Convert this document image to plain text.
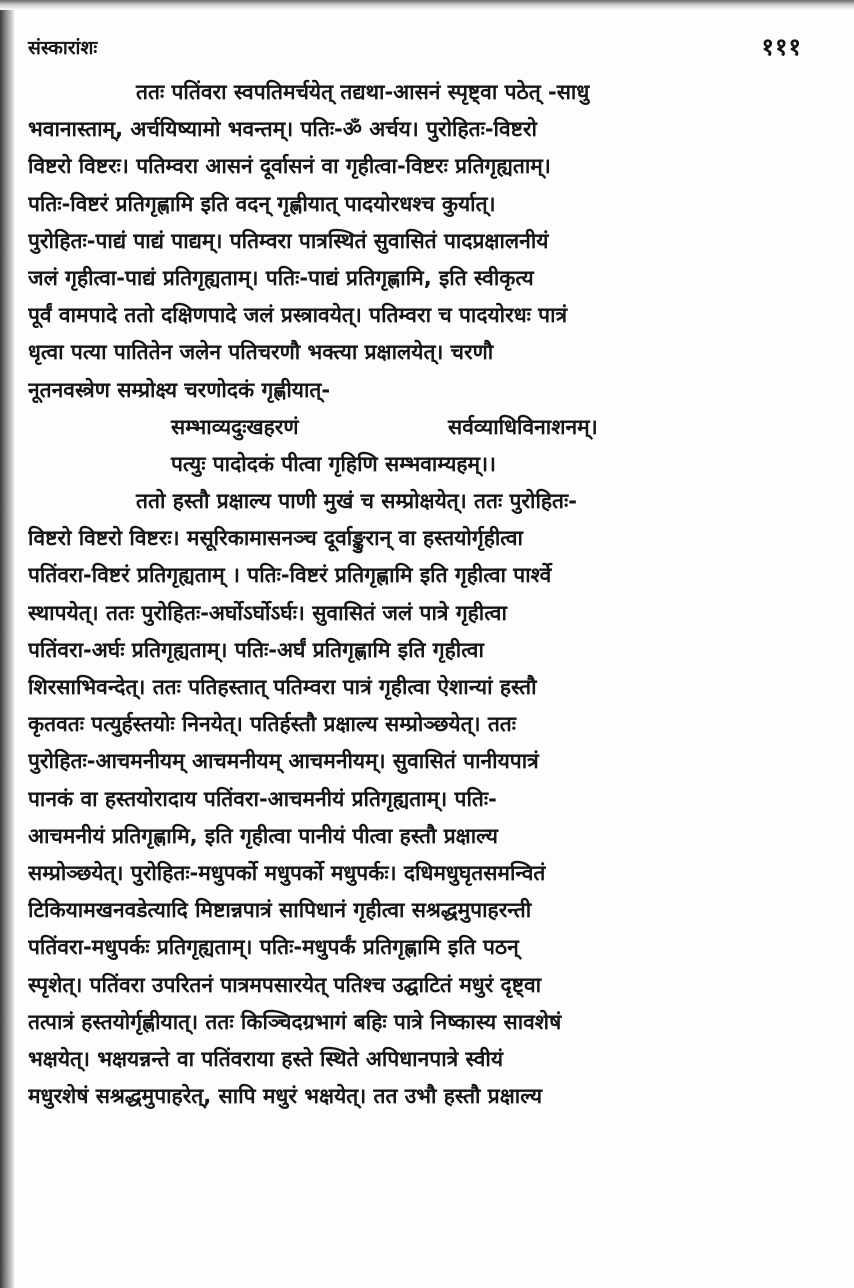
संस्कारांशः	१११
ततः पतिंवरा स्वपतिमर्चयेत् तद्यथा-आसनं स्पृष्ट्वा पठेत् -साधु
भवानास्ताम्, अर्चयिष्यामो भवन्तम्। पतिः-ॐ अर्चय। पुरोहितः-विष्टरो
विष्टरो विष्टरः। पतिम्वरा आसनं दूर्वासनं वा गृहीत्वा-विष्टरः प्रतिगृह्यताम्।
पतिः-विष्टरं प्रतिगृह्णामि इति वदन् गृह्णीयात् पादयोरधश्च कुर्यात्।
पुरोहितः-पाद्यं पाद्यं पाद्यम्। पतिम्वरा पात्रस्थितं सुवासितं पादप्रक्षालनीयं
जलं गृहीत्वा-पाद्यं प्रतिगृह्यताम्। पतिः-पाद्यं प्रतिगृह्णामि, इति स्वीकृत्य
पूर्वं वामपादे ततो दक्षिणपादे जलं प्रस्त्रावयेत्। पतिम्वरा च पादयोरधः पात्रं
धृत्वा पत्या पातितेन जलेन पतिचरणौ भक्त्या प्रक्षालयेत्। चरणौ
नूतनवस्त्रेण सम्प्रोक्ष्य चरणोदकं गृह्णीयात्-
सम्भाव्यदुःखहरणं	सर्वव्याधिविनाशनम्।
पत्युः पादोदकं पीत्वा गृहिणि सम्भवाम्यहम्।।
ततो हस्तौ प्रक्षाल्य पाणी मुखं च सम्प्रोक्षयेत्। ततः पुरोहितः-
विष्टरो विष्टरो विष्टरः। मसूरिकामासनञ्च दूर्वाङ्कुरान् वा हस्तयोर्गृहीत्वा
पतिंवरा-विष्टरं प्रतिगृह्यताम् । पतिः-विष्टरं प्रतिगृह्णामि इति गृहीत्वा पार्श्वे
स्थापयेत्। ततः पुरोहितः-अर्घोऽर्घोऽर्घः। सुवासितं जलं पात्रे गृहीत्वा
पतिंवरा-अर्घः प्रतिगृह्यताम्। पतिः-अर्घं प्रतिगृह्णामि इति गृहीत्वा
शिरसाभिवन्देत्। ततः पतिहस्तात् पतिम्वरा पात्रं गृहीत्वा ऐशान्यां हस्तौ
कृतवतः पत्युर्हस्तयोः निनयेत्। पतिर्हस्तौ प्रक्षाल्य सम्प्रोञ्छयेत्। ततः
पुरोहितः-आचमनीयम् आचमनीयम् आचमनीयम्। सुवासितं पानीयपात्रं
पानकं वा हस्तयोरादाय पतिंवरा-आचमनीयं प्रतिगृह्यताम्। पतिः-
आचमनीयं प्रतिगृह्णामि, इति गृहीत्वा पानीयं पीत्वा हस्तौ प्रक्षाल्य
सम्प्रोञ्छयेत्। पुरोहितः-मधुपर्को मधुपर्को मधुपर्कः। दधिमधुघृतसमन्वितं
टिकियामखनवडेत्यादि मिष्टान्नपात्रं सापिधानं गृहीत्वा सश्रद्धमुपाहरन्ती
पतिंवरा-मधुपर्कः प्रतिगृह्यताम्। पतिः-मधुपर्कं प्रतिगृह्णामि इति पठन्
स्पृशेत्। पतिंवरा उपरितनं पात्रमपसारयेत् पतिश्च उद्घाटितं मधुरं दृष्ट्वा
तत्पात्रं हस्तयोर्गृह्णीयात्। ततः किञ्चिदग्रभागं बहिः पात्रे निष्कास्य सावशेषं
भक्षयेत्। भक्षयन्नन्ते वा पतिंवराया हस्ते स्थिते अपिधानपात्रे स्वीयं
मधुरशेषं सश्रद्धमुपाहरेत्, सापि मधुरं भक्षयेत्। तत उभौ हस्तौ प्रक्षाल्य
